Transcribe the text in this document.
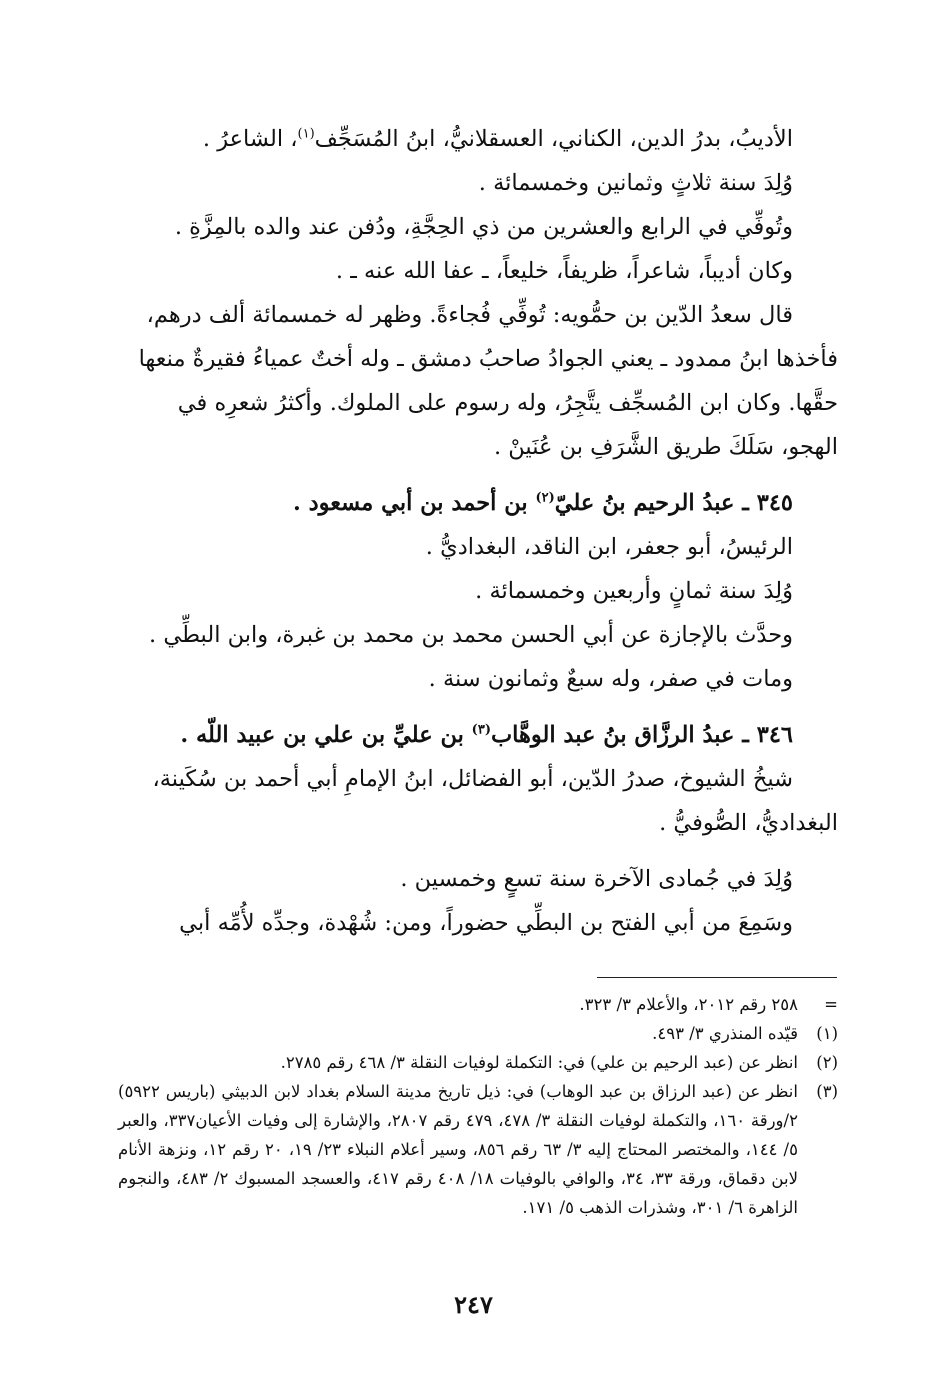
الأديبُ، بدرُ الدين، الكناني، العسقلانيُّ، ابنُ المُسَجِّف$^{(١)}$، الشاعرُ .
وُلِدَ سنة ثلاثٍ وثمانين وخمسمائة .
وتُوفِّي في الرابع والعشرين من ذي الحِجَّةِ، ودُفن عند والده بالمِزَّةِ .
وكان أديباً، شاعراً، ظريفاً، خليعاً، ـ عفا الله عنه ـ .
قال سعدُ الدّين بن حمُّويه: تُوفِّي فُجاءةً. وظهر له خمسمائة ألف درهم،
فأخذها ابنُ ممدود ـ يعني الجوادُ صاحبُ دمشق ـ وله أختٌ عمياءُ فقيرةٌ منعها
حقَّها. وكان ابن المُسجِّف يتَّجِرُ، وله رسوم على الملوك. وأكثرُ شعرِه في
الهجو، سَلَكَ طريق الشَّرَفِ بن عُنَينْ .
٣٤٥ ـ عبدُ الرحيم بنُ عليّ$^{(٢)}$ بن أحمد بن أبي مسعود .
الرئيسُ، أبو جعفر، ابن الناقد، البغداديُّ .
وُلِدَ سنة ثمانٍ وأربعين وخمسمائة .
وحدَّث بالإجازة عن أبي الحسن محمد بن محمد بن غبرة، وابن البطِّي .
ومات في صفر، وله سبعٌ وثمانون سنة .
٣٤٦ ـ عبدُ الرزَّاق بنُ عبد الوهَّاب$^{(٣)}$ بن عليِّ بن علي بن عبيد اللّه .
شيخُ الشيوخ، صدرُ الدّين، أبو الفضائل، ابنُ الإمامِ أبي أحمد بن سُكَينة،
البغداديُّ، الصُّوفيُّ .
وُلِدَ في جُمادى الآخرة سنة تسعٍ وخمسين .
وسَمِعَ من أبي الفتح بن البطِّي حضوراً، ومن: شُهْدة، وجدِّه لأُمِّه أبي
=
٢٥٨ رقم ٢٠١٢، والأعلام ٣/ ٣٢٣.
(١)
قيّده المنذري ٣/ ٤٩٣.
(٢)
انظر عن (عبد الرحيم بن علي) في: التكملة لوفيات النقلة ٣/ ٤٦٨ رقم ٢٧٨٥.
(٣)
انظر عن (عبد الرزاق بن عبد الوهاب) في: ذيل تاريخ مدينة السلام بغداد لابن الدبيثي (باريس ٥٩٢٢) ٢/ورقة ١٦٠، والتكملة لوفيات النقلة ٣/ ٤٧٨، ٤٧٩ رقم ٢٨٠٧، والإشارة إلى وفيات الأعيان٣٣٧، والعبر ٥/ ١٤٤، والمختصر المحتاج إليه ٣/ ٦٣ رقم ٨٥٦، وسير أعلام النبلاء ٢٣/ ١٩، ٢٠ رقم ١٢، ونزهة الأنام لابن دقماق، ورقة ٣٣، ٣٤، والوافي بالوفيات ١٨/ ٤٠٨ رقم ٤١٧، والعسجد المسبوك ٢/ ٤٨٣، والنجوم الزاهرة ٦/ ٣٠١، وشذرات الذهب ٥/ ١٧١.
٢٤٧
